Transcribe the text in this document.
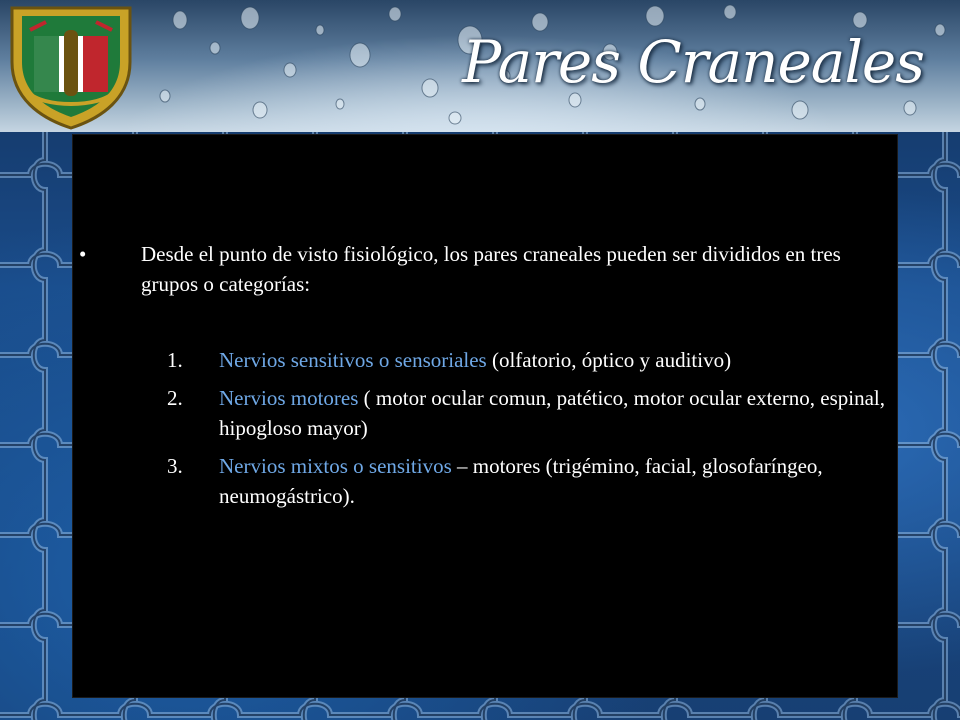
Pares Craneales
•	Desde el punto de visto fisiológico, los pares craneales pueden ser divididos en tres grupos o categorías:
1. Nervios sensitivos o sensoriales (olfatorio, óptico y auditivo)
2. Nervios motores ( motor ocular comun, patético, motor ocular externo, espinal, hipogloso mayor)
3. Nervios mixtos o sensitivos – motores (trigémino, facial, glosofaríngeo, neumogástrico).
